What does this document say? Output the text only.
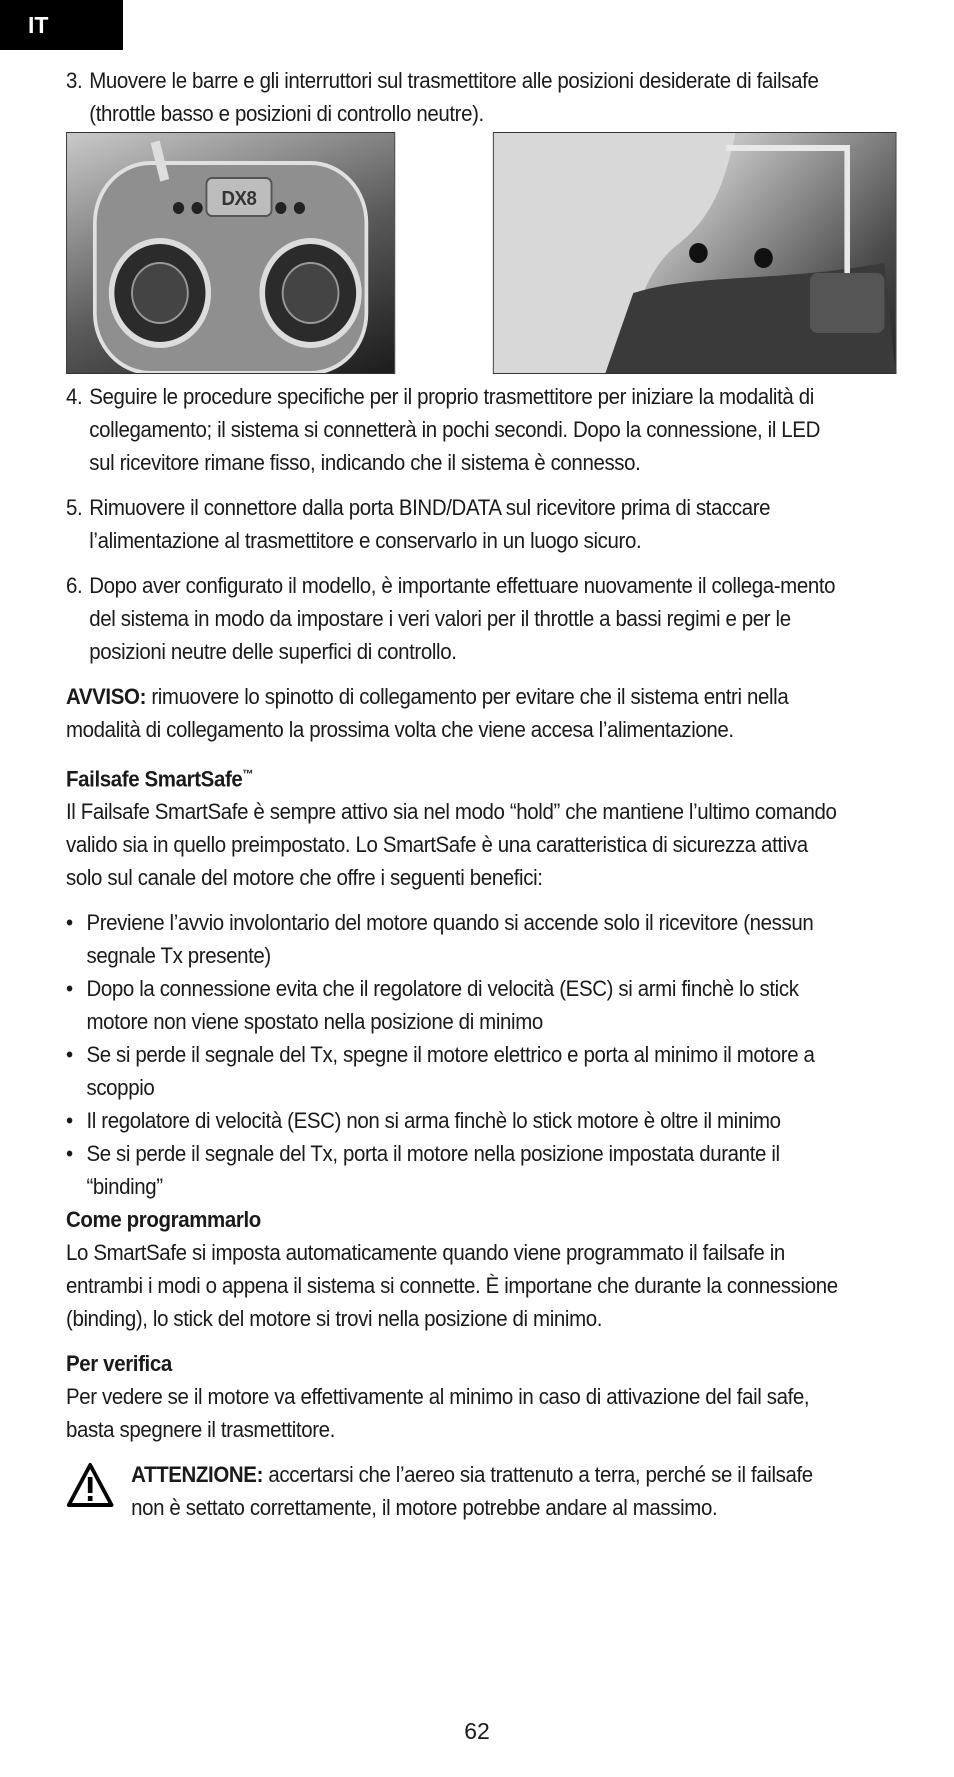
IT
3. Muovere le barre e gli interruttori sul trasmettitore alle posizioni desiderate di failsafe (throttle basso e posizioni di controllo neutre).
DX8
4. Seguire le procedure specifiche per il proprio trasmettitore per iniziare la modalità di collegamento; il sistema si connetterà in pochi secondi. Dopo la connessione, il LED sul ricevitore rimane fisso, indicando che il sistema è connesso.
5. Rimuovere il connettore dalla porta BIND/DATA sul ricevitore prima di staccare l’alimentazione al trasmettitore e conservarlo in un luogo sicuro.
6. Dopo aver configurato il modello, è importante effettuare nuovamente il collega-mento del sistema in modo da impostare i veri valori per il throttle a bassi regimi e per le posizioni neutre delle superfici di controllo.

AVVISO: rimuovere lo spinotto di collegamento per evitare che il sistema entri nella modalità di collegamento la prossima volta che viene accesa l’alimentazione.

Failsafe SmartSafe™

Il Failsafe SmartSafe è sempre attivo sia nel modo “hold” che mantiene l’ultimo comando valido sia in quello preimpostato. Lo SmartSafe è una caratteristica di sicurezza attiva solo sul canale del motore che offre i seguenti benefici:

• Previene l’avvio involontario del motore quando si accende solo il ricevitore (nessun segnale Tx presente)
• Dopo la connessione evita che il regolatore di velocità (ESC) si armi finchè lo stick motore non viene spostato nella posizione di minimo
• Se si perde il segnale del Tx, spegne il motore elettrico e porta al minimo il motore a scoppio
• Il regolatore di velocità (ESC) non si arma finchè lo stick motore è oltre il minimo
• Se si perde il segnale del Tx, porta il motore nella posizione impostata durante il “binding”

Come programmarlo

Lo SmartSafe si imposta automaticamente quando viene programmato il failsafe in entrambi i modi o appena il sistema si connette. È importane che durante la connessione (binding), lo stick del motore si trovi nella posizione di minimo.

Per verifica

Per vedere se il motore va effettivamente al minimo in caso di attivazione del fail safe, basta spegnere il trasmettitore.

ATTENZIONE: accertarsi che l’aereo sia trattenuto a terra, perché se il failsafe non è settato correttamente, il motore potrebbe andare al massimo.

62
